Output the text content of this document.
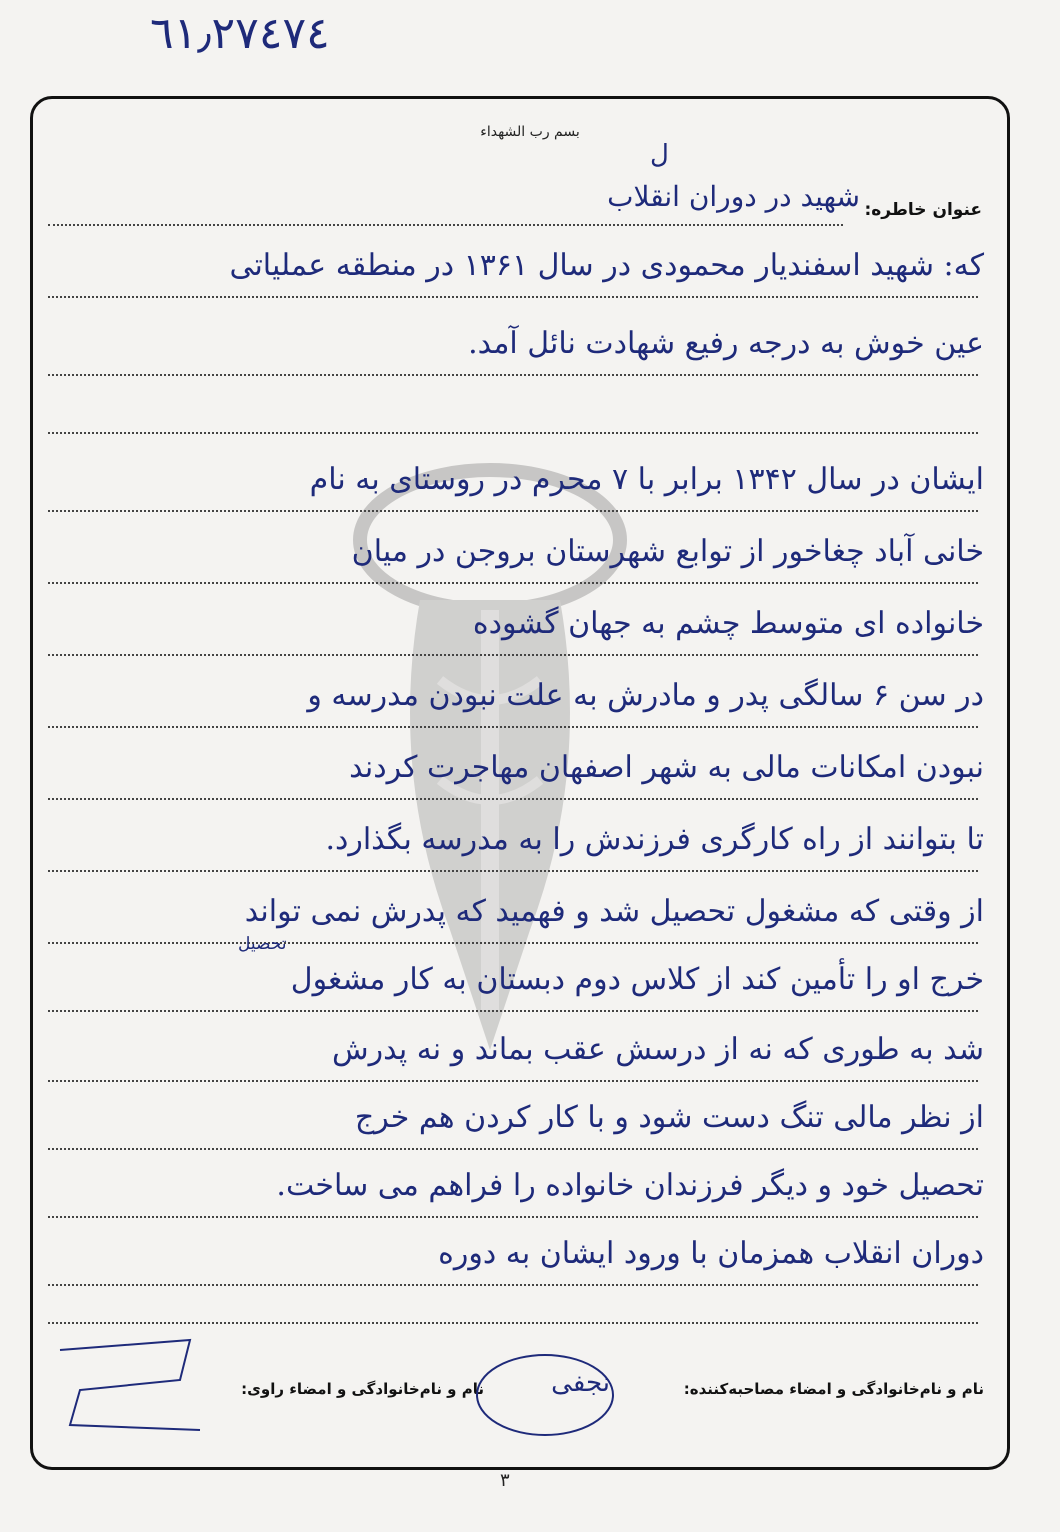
٦١٫٢٧٤٧٤
بسم رب الشهداء
ل
عنوان خاطره:
شهید در دوران انقلاب
که: شهید اسفندیار محمودی در سال ۱۳۶۱ در منطقه عملیاتی
عین خوش به درجه رفیع شهادت نائل آمد.
ایشان در سال ۱۳۴۲ برابر با ۷ محرم در روستای به نام
خانی آباد چغاخور از توابع شهرستان بروجن در میان
خانواده ای متوسط چشم به جهان گشوده
در سن ۶ سالگی پدر و مادرش به علت نبودن مدرسه و
نبودن امکانات مالی به شهر اصفهان مهاجرت کردند
تا بتوانند از راه کارگری فرزندش را به مدرسه بگذارد.
از وقتی که مشغول تحصیل شد و فهمید که پدرش نمی تواند
خرج او را تأمین کند از کلاس دوم دبستان به کار مشغول
شد به طوری که نه از درسش عقب بماند و نه پدرش
از نظر مالی تنگ دست شود و با کار کردن هم خرج
تحصیل خود و دیگر فرزندان خانواده را فراهم می ساخت.
دوران انقلاب همزمان با ورود ایشان به دوره
تحصیل
نام و نام‌خانوادگی و امضاء مصاحبه‌کننده:
نام و نام‌خانوادگی و امضاء راوی:	نجفی
۳
